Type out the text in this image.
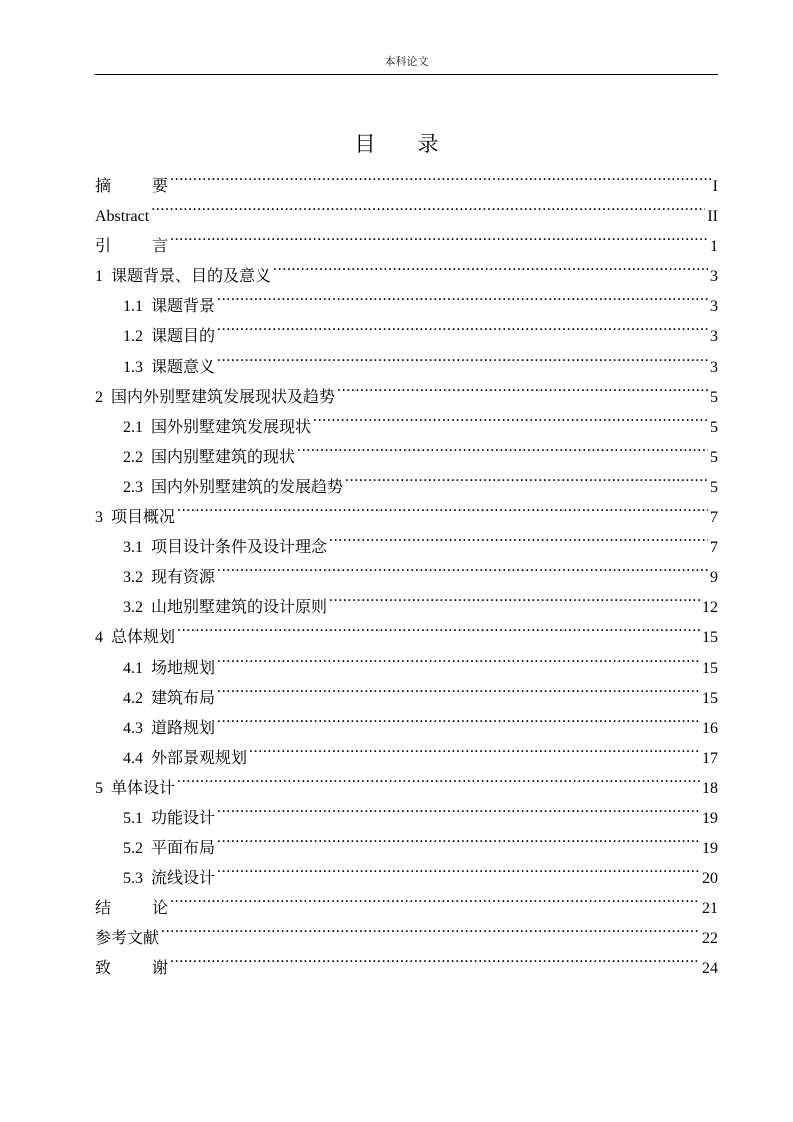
本科论文
目 录
摘	要 .....	I
Abstract .....	II
引	言 .....	1
1 课题背景、目的及意义 .....	3
1.1 课题背景 .....	3
1.2 课题目的 .....	3
1.3 课题意义 .....	3
2 国内外别墅建筑发展现状及趋势 .....	5
2.1 国外别墅建筑发展现状 .....	5
2.2 国内别墅建筑的现状 .....	5
2.3 国内外别墅建筑的发展趋势 .....	5
3 项目概况 .....	7
3.1 项目设计条件及设计理念 .....	7
3.2 现有资源 .....	9
3.2 山地别墅建筑的设计原则 .....	12
4 总体规划 .....	15
4.1 场地规划 .....	15
4.2 建筑布局 .....	15
4.3 道路规划 .....	16
4.4 外部景观规划 .....	17
5 单体设计 .....	18
5.1 功能设计 .....	19
5.2 平面布局 .....	19
5.3 流线设计 .....	20
结	论 .....	21
参考文献 .....	22
致	谢 .....	24
